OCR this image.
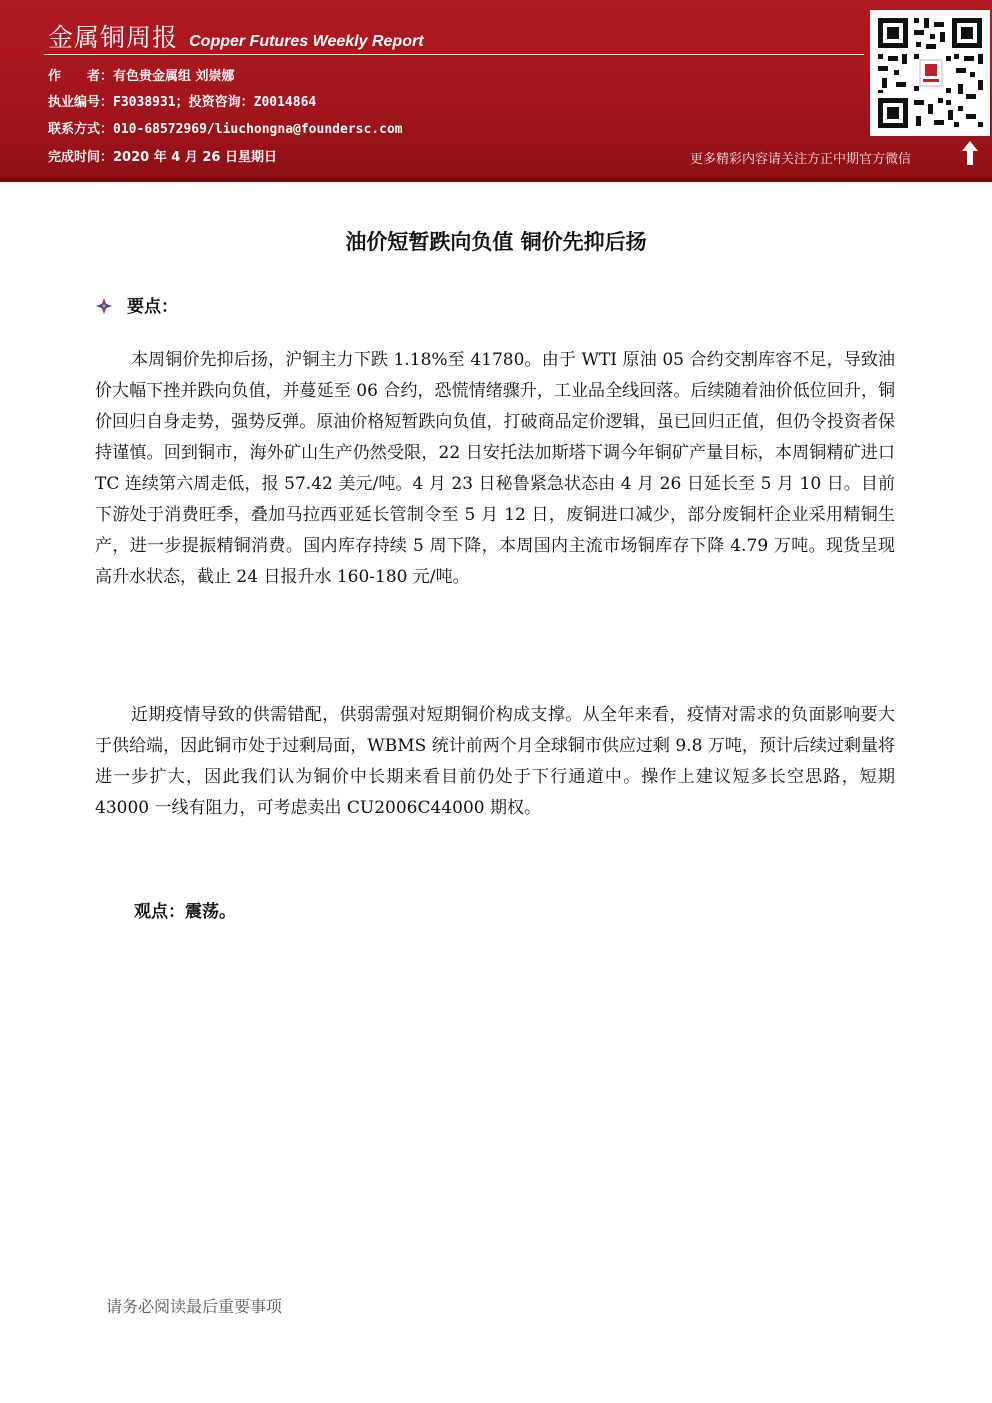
金属铜周报 Copper Futures Weekly Report
作　　者：有色贵金属组 刘崇娜
执业编号：F3038931；投资咨询：Z0014864
联系方式：010-68572969/liuchongna@foundersc.com
完成时间：2020 年 4 月 26 日星期日	更多精彩内容请关注方正中期官方微信
油价短暂跌向负值 铜价先抑后扬
要点：

本周铜价先抑后扬，沪铜主力下跌 1.18%至 41780。由于 WTI 原油 05 合约交割库容不足，导致油价大幅下挫并跌向负值，并蔓延至 06 合约，恐慌情绪骤升，工业品全线回落。后续随着油价低位回升，铜价回归自身走势，强势反弹。原油价格短暂跌向负值，打破商品定价逻辑，虽已回归正值，但仍令投资者保持谨慎。回到铜市，海外矿山生产仍然受限，22 日安托法加斯塔下调今年铜矿产量目标，本周铜精矿进口 TC 连续第六周走低，报 57.42 美元/吨。4 月 23 日秘鲁紧急状态由 4 月 26 日延长至 5 月 10 日。目前下游处于消费旺季，叠加马拉西亚延长管制令至 5 月 12 日，废铜进口减少，部分废铜杆企业采用精铜生产，进一步提振精铜消费。国内库存持续 5 周下降，本周国内主流市场铜库存下降 4.79 万吨。现货呈现高升水状态，截止 24 日报升水 160-180 元/吨。

近期疫情导致的供需错配，供弱需强对短期铜价构成支撑。从全年来看，疫情对需求的负面影响要大于供给端，因此铜市处于过剩局面，WBMS 统计前两个月全球铜市供应过剩 9.8 万吨，预计后续过剩量将进一步扩大，因此我们认为铜价中长期来看目前仍处于下行通道中。操作上建议短多长空思路，短期 43000 一线有阻力，可考虑卖出 CU2006C44000 期权。

观点：震荡。
请务必阅读最后重要事项
